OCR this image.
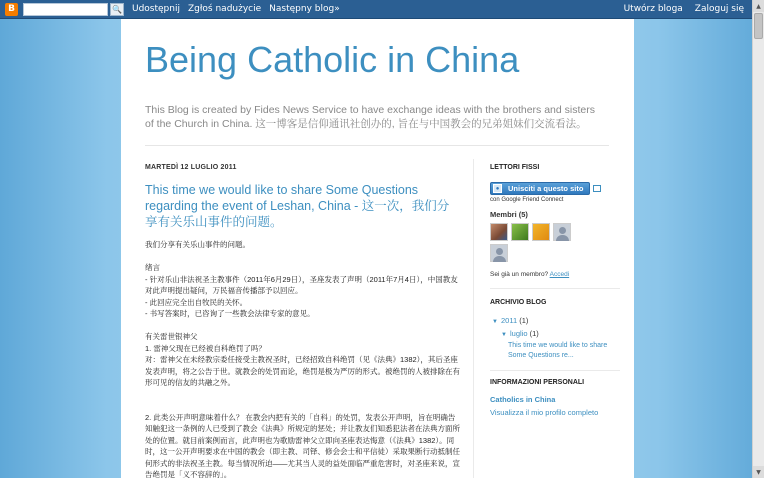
B	🔍 Udostępnij Zgłoś nadużycie Następny blog»	Utwórz bloga Zaloguj się	▲
▼
Being Catholic in China
This Blog is created by Fides News Service to have exchange ideas with the brothers and sisters of the Church in China. 这一博客是信仰通讯社创办的, 旨在与中国教会的兄弟姐妹们交流看法。
MARTEDÌ 12 LUGLIO 2011
This time we would like to share Some Questions regarding the event of Leshan, China - 这一次，我们分享有关乐山事件的问题。

我们分享有关乐山事件的问题。

绪言

- 针对乐山非法祝圣主教事件（2011年6月29日），圣座发表了声明（2011年7月4日），中国教友对此声明提出疑问，万民福音传播部予以回应。

- 此回应完全出自牧民的关怀。

- 书写答案时，已咨询了一些教会法律专家的意见。

有关雷世银神父

1. 雷神父现在已经被自科绝罚了吗？

对：雷神父在未经教宗委任接受主教祝圣时，已经招致自科绝罚（见《法典》1382），其后圣座发表声明，将之公告于世。就教会的处罚而论，绝罚是极为严厉的形式。被绝罚的人被排除在有形可见的信友的共融之外。

2. 此类公开声明意味着什么？ 在教会内把有关的「自科」的处罚，发表公开声明，旨在明确告知触犯这一条例的人已受到了教会《法典》所规定的惩处；并让教友们知悉犯法者在法典方面所处的位置。就目前案例而言，此声明也为歌励雷神父立即向圣座表达悔意（《法典》1382）。同时，这一公开声明要求在中国的教会（即主教、司铎、修会会士和平信徒）采取果断行动抵制任何形式的非法祝圣主教。每当情况所迫——尤其当人灵的益处面临严重危害时，对圣座来说，宣告绝罚是「义不容辞的」。

LETTORI FISSI
●	Unisciti a questo sito
con Google Friend Connect
Membri (5)
Sei già un membro? Accedi
ARCHIVIO BLOG
▼ 2011 (1)
▼ luglio (1)
This time we would like to share Some Questions re...
INFORMAZIONI PERSONALI
Catholics in China
Visualizza il mio profilo completo
